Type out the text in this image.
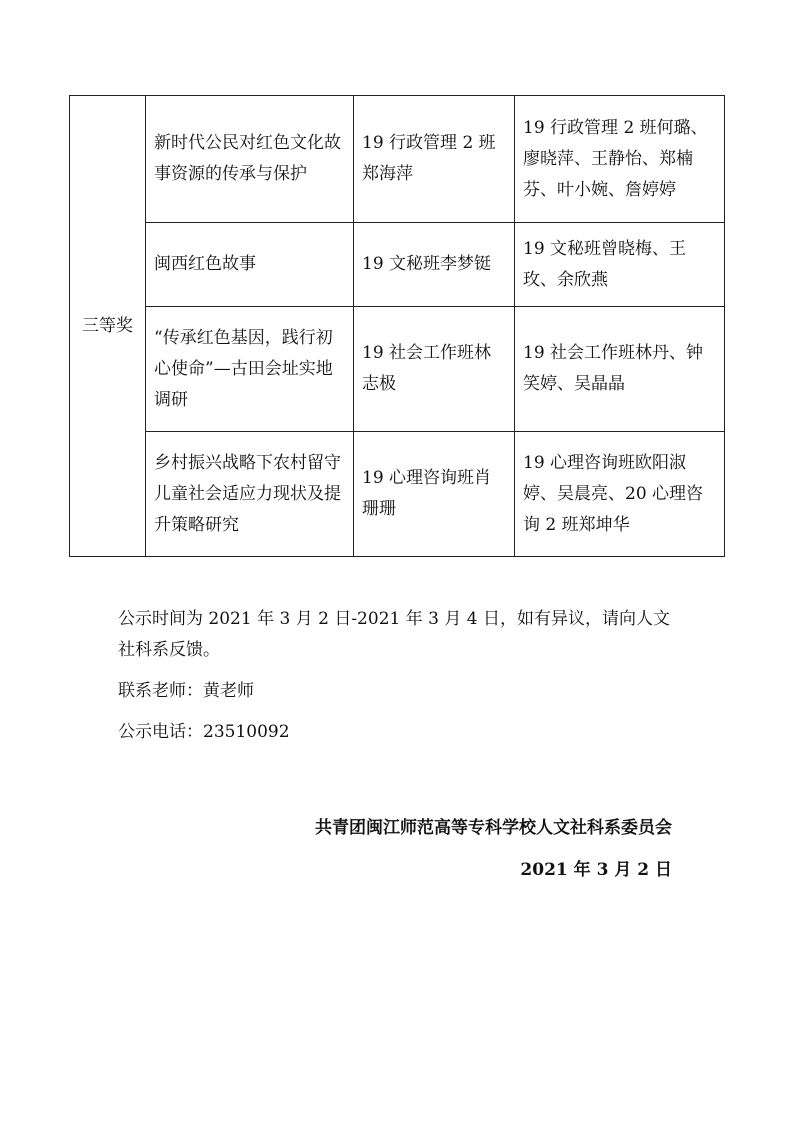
三等奖	新时代公民对红色文化故事资源的传承与保护	19 行政管理 2 班郑海萍	19 行政管理 2 班何璐、廖晓萍、王静怡、郑楠芬、叶小婉、詹婷婷
	闽西红色故事	19 文秘班李梦铤	19 文秘班曾晓梅、王玫、余欣燕
	“传承红色基因，践行初心使命”—古田会址实地调研	19 社会工作班林志极	19 社会工作班林丹、钟笑婷、吴晶晶
	乡村振兴战略下农村留守儿童社会适应力现状及提升策略研究	19 心理咨询班肖珊珊	19 心理咨询班欧阳淑婷、吴晨亮、20 心理咨询 2 班郑坤华

公示时间为 2021 年 3 月 2 日-2021 年 3 月 4 日，如有异议，请向人文社科系反馈。

联系老师：黄老师

公示电话：23510092

共青团闽江师范高等专科学校人文社科系委员会
2021 年 3 月 2 日
